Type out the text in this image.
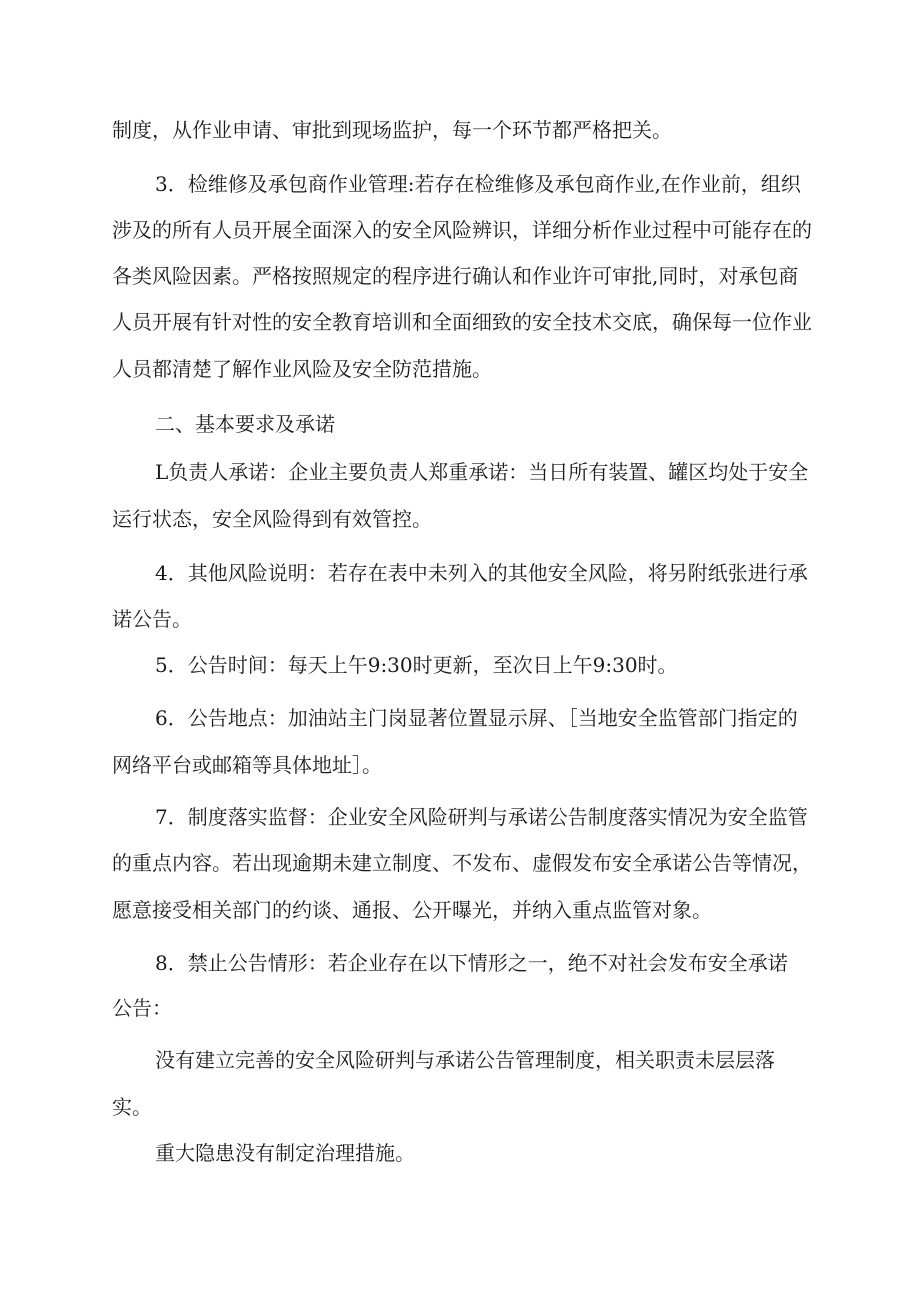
制度，从作业申请、审批到现场监护，每一个环节都严格把关。
3．检维修及承包商作业管理:若存在检维修及承包商作业,在作业前，组织
涉及的所有人员开展全面深入的安全风险辨识，详细分析作业过程中可能存在的
各类风险因素。严格按照规定的程序进行确认和作业许可审批,同时，对承包商
人员开展有针对性的安全教育培训和全面细致的安全技术交底，确保每一位作业
人员都清楚了解作业风险及安全防范措施。
二、基本要求及承诺
L负责人承诺：企业主要负责人郑重承诺：当日所有装置、罐区均处于安全
运行状态，安全风险得到有效管控。
4．其他风险说明：若存在表中未列入的其他安全风险，将另附纸张进行承
诺公告。
5．公告时间：每天上午9:30时更新，至次日上午9:30时。
6．公告地点：加油站主门岗显著位置显示屏、［当地安全监管部门指定的
网络平台或邮箱等具体地址］。
7．制度落实监督：企业安全风险研判与承诺公告制度落实情况为安全监管
的重点内容。若出现逾期未建立制度、不发布、虚假发布安全承诺公告等情况，
愿意接受相关部门的约谈、通报、公开曝光，并纳入重点监管对象。
8．禁止公告情形：若企业存在以下情形之一，绝不对社会发布安全承诺
公告：
没有建立完善的安全风险研判与承诺公告管理制度，相关职责未层层落
实。
重大隐患没有制定治理措施。
